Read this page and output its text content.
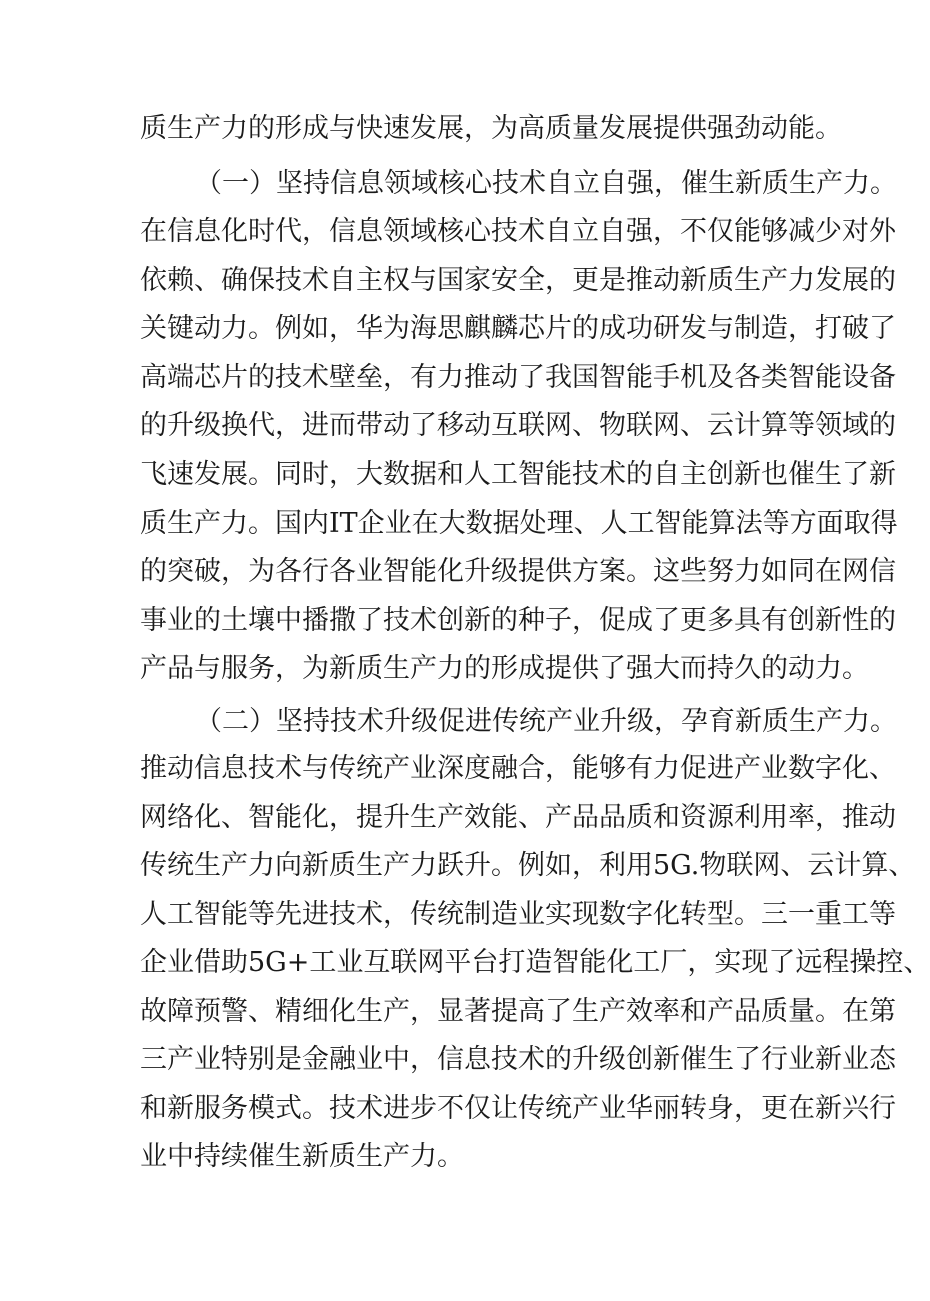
质生产力的形成与快速发展，为高质量发展提供强劲动能。

（一）坚持信息领域核心技术自立自强，催生新质生产力。

在信息化时代，信息领域核心技术自立自强，不仅能够减少对外

依赖、确保技术自主权与国家安全，更是推动新质生产力发展的

关键动力。例如，华为海思麒麟芯片的成功研发与制造，打破了

高端芯片的技术壁垒，有力推动了我国智能手机及各类智能设备

的升级换代，进而带动了移动互联网、物联网、云计算等领域的

飞速发展。同时，大数据和人工智能技术的自主创新也催生了新

质生产力。国内IT企业在大数据处理、人工智能算法等方面取得

的突破，为各行各业智能化升级提供方案。这些努力如同在网信

事业的土壤中播撒了技术创新的种子，促成了更多具有创新性的

产品与服务，为新质生产力的形成提供了强大而持久的动力。

（二）坚持技术升级促进传统产业升级，孕育新质生产力。

推动信息技术与传统产业深度融合，能够有力促进产业数字化、

网络化、智能化，提升生产效能、产品品质和资源利用率，推动

传统生产力向新质生产力跃升。例如，利用5G.物联网、云计算、

人工智能等先进技术，传统制造业实现数字化转型。三一重工等

企业借助5G+工业互联网平台打造智能化工厂，实现了远程操控、

故障预警、精细化生产，显著提高了生产效率和产品质量。在第

三产业特别是金融业中，信息技术的升级创新催生了行业新业态

和新服务模式。技术进步不仅让传统产业华丽转身，更在新兴行

业中持续催生新质生产力。
